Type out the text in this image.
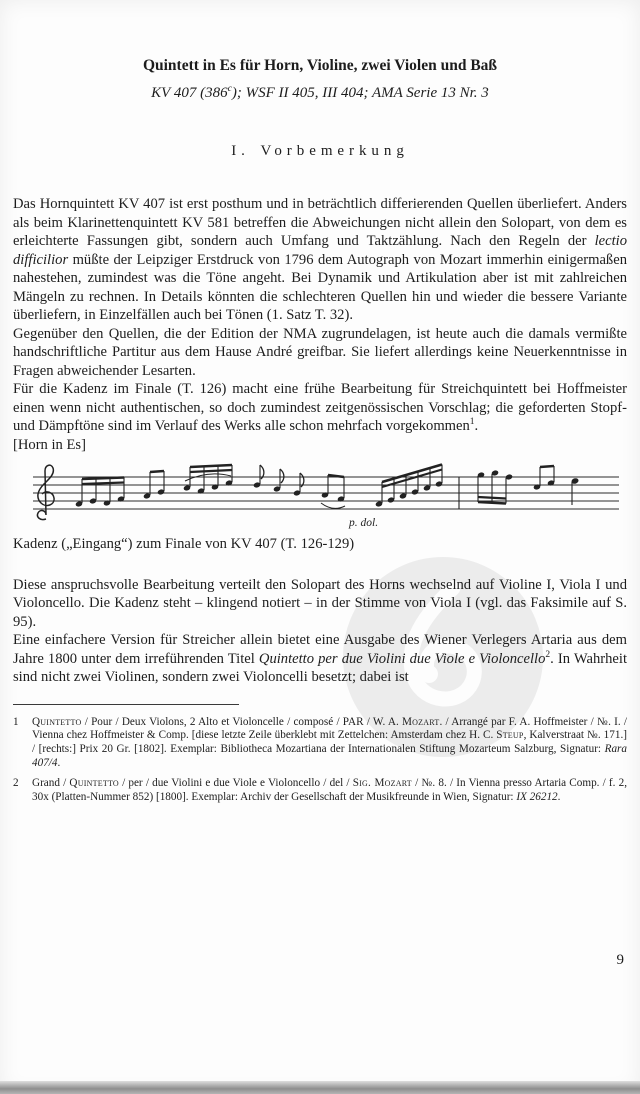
Quintett in Es für Horn, Violine, zwei Violen und Baß
KV 407 (386$^c$); WSF II 405, III 404; AMA Serie 13 Nr. 3
I. Vorbemerkung

Das Hornquintett KV 407 ist erst posthum und in beträchtlich differierenden Quellen überliefert. Anders als beim Klarinettenquintett KV 581 betreffen die Abweichungen nicht allein den Solopart, von dem es erleichterte Fassungen gibt, sondern auch Umfang und Taktzählung. Nach den Regeln der lectio difficilior müßte der Leipziger Erstdruck von 1796 dem Autograph von Mozart immerhin einigermaßen nahestehen, zumindest was die Töne angeht. Bei Dynamik und Artikulation aber ist mit zahlreichen Mängeln zu rechnen. In Details könnten die schlechteren Quellen hin und wieder die bessere Variante überliefern, in Einzelfällen auch bei Tönen (1. Satz T. 32).

Gegenüber den Quellen, die der Edition der NMA zugrundelagen, ist heute auch die damals vermißte handschriftliche Partitur aus dem Hause André greifbar. Sie liefert allerdings keine Neuerkenntnisse in Fragen abweichender Lesarten.

Für die Kadenz im Finale (T. 126) macht eine frühe Bearbeitung für Streichquintett bei Hoffmeister einen wenn nicht authentischen, so doch zumindest zeitgenössischen Vorschlag; die geforderten Stopf- und Dämpftöne sind im Verlauf des Werks alle schon mehrfach vorgekommen$^1$.

[Horn in Es]

p. dol.

Kadenz („Eingang“) zum Finale von KV 407 (T. 126-129)

Diese anspruchsvolle Bearbeitung verteilt den Solopart des Horns wechselnd auf Violine I, Viola I und Violoncello. Die Kadenz steht – klingend notiert – in der Stimme von Viola I (vgl. das Faksimile auf S. 95).

Eine einfachere Version für Streicher allein bietet eine Ausgabe des Wiener Verlegers Artaria aus dem Jahre 1800 unter dem irreführenden Titel Quintetto per due Violini due Viole e Violoncello$^2$. In Wahrheit sind nicht zwei Violinen, sondern zwei Violoncelli besetzt; dabei ist

1	Quintetto / Pour / Deux Violons, 2 Alto et Violoncelle / composé / PAR / W. A. Mozart. / Arrangé par F. A. Hoffmeister / №. I. / Vienna chez Hoffmeister & Comp. [diese letzte Zeile überklebt mit Zettelchen: Amsterdam chez H. C. Steup, Kalverstraat №. 171.] / [rechts:] Prix 20 Gr. [1802]. Exemplar: Bibliotheca Mozartiana der Internationalen Stiftung Mozarteum Salzburg, Signatur: Rara 407/4.
2	Grand / Quintetto / per / due Violini e due Viole e Violoncello / del / Sig. Mozart / №. 8. / In Vienna presso Artaria Comp. / f. 2, 30x (Platten-Nummer 852) [1800]. Exemplar: Archiv der Gesellschaft der Musikfreunde in Wien, Signatur: IX 26212.
9
